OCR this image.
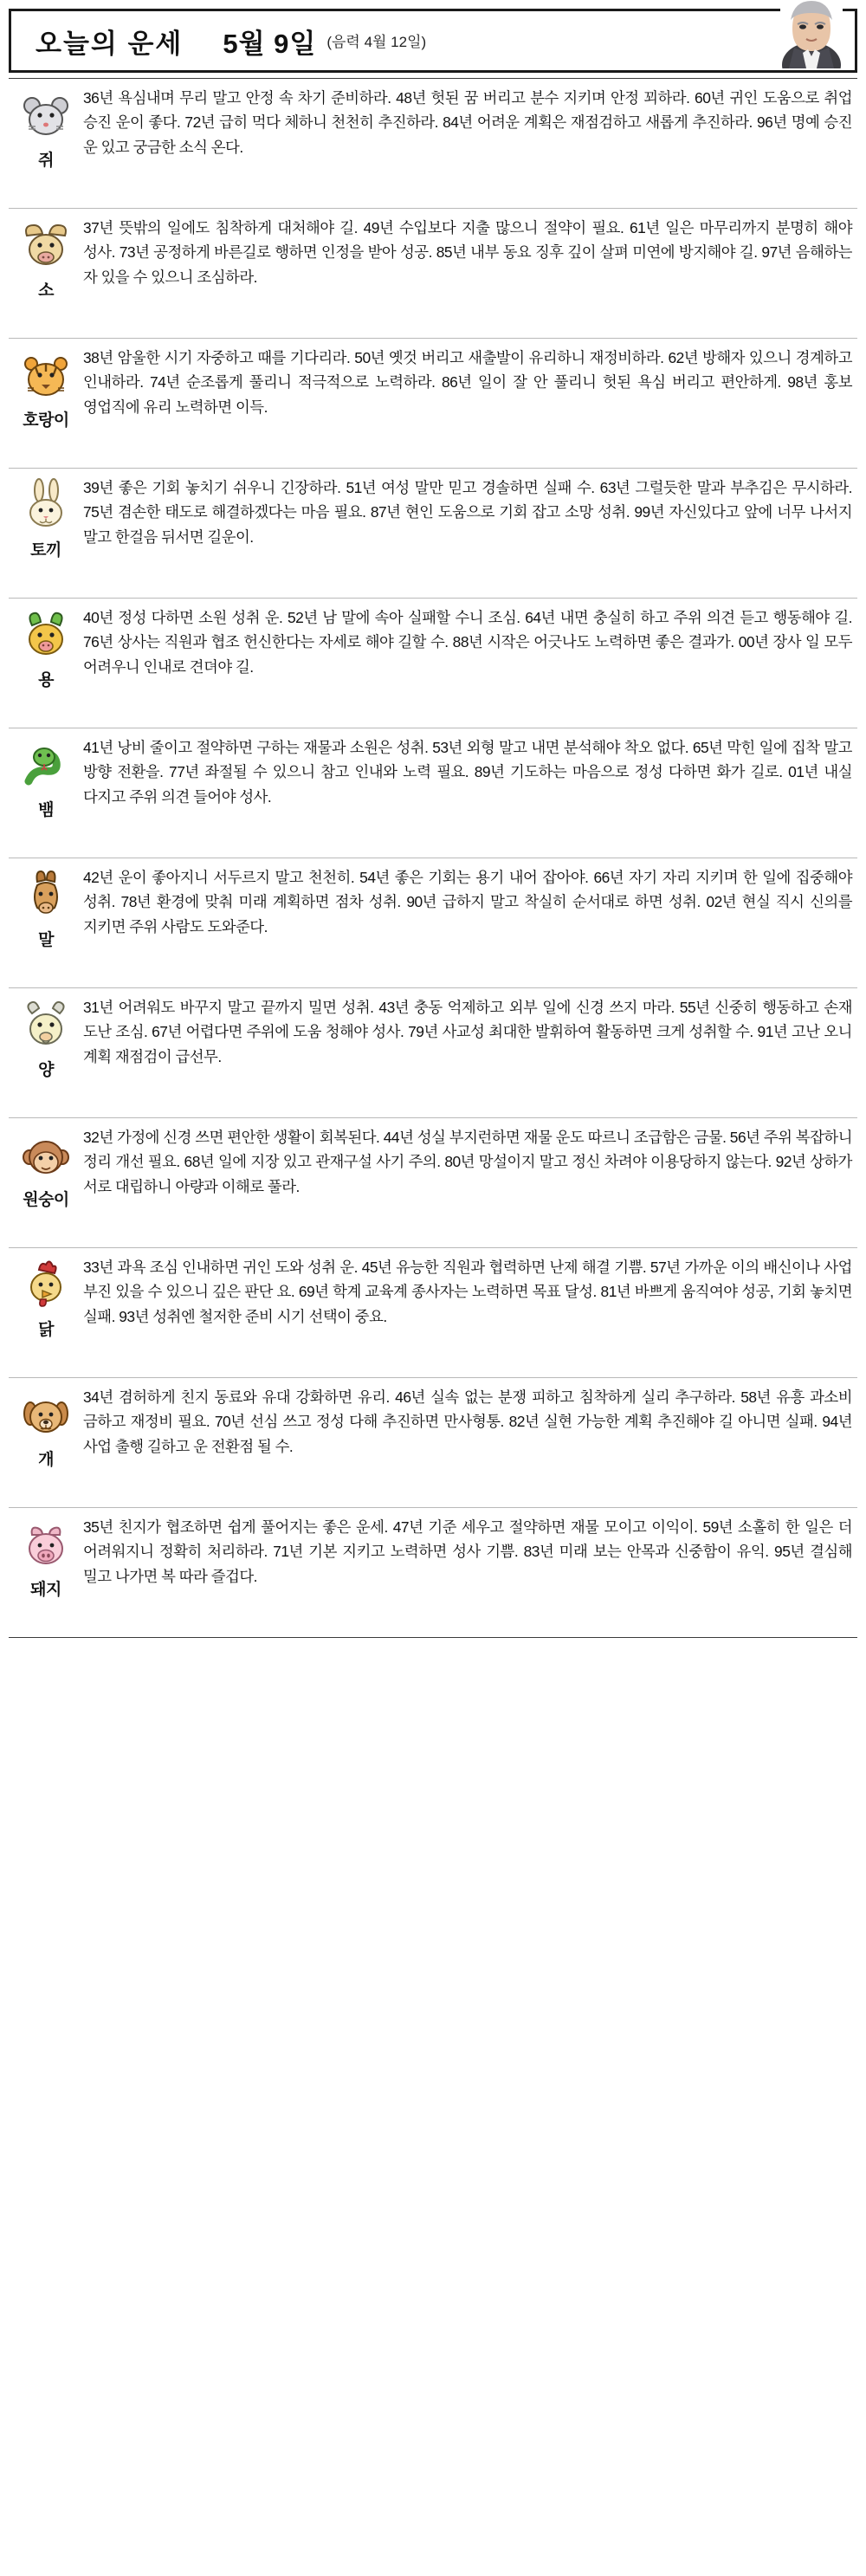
오늘의 운세 5월 9일 (음력 4월 12일)
쥐
36년 욕심내며 무리 말고 안정 속 차기 준비하라. 48년 헛된 꿈 버리고 분수 지키며 안정 꾀하라. 60년 귀인 도움으로 취업 승진 운이 좋다. 72년 급히 먹다 체하니 천천히 추진하라. 84년 어려운 계획은 재점검하고 새롭게 추진하라. 96년 명예 승진 운 있고 궁금한 소식 온다.
소
37년 뜻밖의 일에도 침착하게 대처해야 길. 49년 수입보다 지출 많으니 절약이 필요. 61년 일은 마무리까지 분명히 해야 성사. 73년 공정하게 바른길로 행하면 인정을 받아 성공. 85년 내부 동요 징후 깊이 살펴 미연에 방지해야 길. 97년 음해하는 자 있을 수 있으니 조심하라.
호랑이
38년 암울한 시기 자중하고 때를 기다리라. 50년 옛것 버리고 새출발이 유리하니 재정비하라. 62년 방해자 있으니 경계하고 인내하라. 74년 순조롭게 풀리니 적극적으로 노력하라. 86년 일이 잘 안 풀리니 헛된 욕심 버리고 편안하게. 98년 홍보 영업직에 유리 노력하면 이득.
토끼
39년 좋은 기회 놓치기 쉬우니 긴장하라. 51년 여성 말만 믿고 경솔하면 실패 수. 63년 그럴듯한 말과 부추김은 무시하라. 75년 겸손한 태도로 해결하겠다는 마음 필요. 87년 현인 도움으로 기회 잡고 소망 성취. 99년 자신있다고 앞에 너무 나서지 말고 한걸음 뒤서면 길운이.
용
40년 정성 다하면 소원 성취 운. 52년 남 말에 속아 실패할 수니 조심. 64년 내면 충실히 하고 주위 의견 듣고 행동해야 길. 76년 상사는 직원과 협조 헌신한다는 자세로 해야 길할 수. 88년 시작은 어긋나도 노력하면 좋은 결과가. 00년 장사 일 모두 어려우니 인내로 견뎌야 길.
뱀
41년 낭비 줄이고 절약하면 구하는 재물과 소원은 성취. 53년 외형 말고 내면 분석해야 착오 없다. 65년 막힌 일에 집착 말고 방향 전환을. 77년 좌절될 수 있으니 참고 인내와 노력 필요. 89년 기도하는 마음으로 정성 다하면 화가 길로. 01년 내실 다지고 주위 의견 들어야 성사.
말
42년 운이 좋아지니 서두르지 말고 천천히. 54년 좋은 기회는 용기 내어 잡아야. 66년 자기 자리 지키며 한 일에 집중해야 성취. 78년 환경에 맞춰 미래 계획하면 점차 성취. 90년 급하지 말고 착실히 순서대로 하면 성취. 02년 현실 직시 신의를 지키면 주위 사람도 도와준다.
양
31년 어려워도 바꾸지 말고 끝까지 밀면 성취. 43년 충동 억제하고 외부 일에 신경 쓰지 마라. 55년 신중히 행동하고 손재 도난 조심. 67년 어렵다면 주위에 도움 청해야 성사. 79년 사교성 최대한 발휘하여 활동하면 크게 성취할 수. 91년 고난 오니 계획 재점검이 급선무.
원숭이
32년 가정에 신경 쓰면 편안한 생활이 회복된다. 44년 성실 부지런하면 재물 운도 따르니 조급함은 금물. 56년 주위 복잡하니 정리 개선 필요. 68년 일에 지장 있고 관재구설 사기 주의. 80년 망설이지 말고 정신 차려야 이용당하지 않는다. 92년 상하가 서로 대립하니 아량과 이해로 풀라.
닭
33년 과욕 조심 인내하면 귀인 도와 성취 운. 45년 유능한 직원과 협력하면 난제 해결 기쁨. 57년 가까운 이의 배신이나 사업 부진 있을 수 있으니 깊은 판단 요. 69년 학계 교육계 종사자는 노력하면 목표 달성. 81년 바쁘게 움직여야 성공, 기회 놓치면 실패. 93년 성취엔 철저한 준비 시기 선택이 중요.
개
34년 겸허하게 친지 동료와 유대 강화하면 유리. 46년 실속 없는 분쟁 피하고 침착하게 실리 추구하라. 58년 유흥 과소비 금하고 재정비 필요. 70년 선심 쓰고 정성 다해 추진하면 만사형통. 82년 실현 가능한 계획 추진해야 길 아니면 실패. 94년 사업 출행 길하고 운 전환점 될 수.
돼지
35년 친지가 협조하면 쉽게 풀어지는 좋은 운세. 47년 기준 세우고 절약하면 재물 모이고 이익이. 59년 소홀히 한 일은 더 어려워지니 정확히 처리하라. 71년 기본 지키고 노력하면 성사 기쁨. 83년 미래 보는 안목과 신중함이 유익. 95년 결심해 밀고 나가면 복 따라 즐겁다.
